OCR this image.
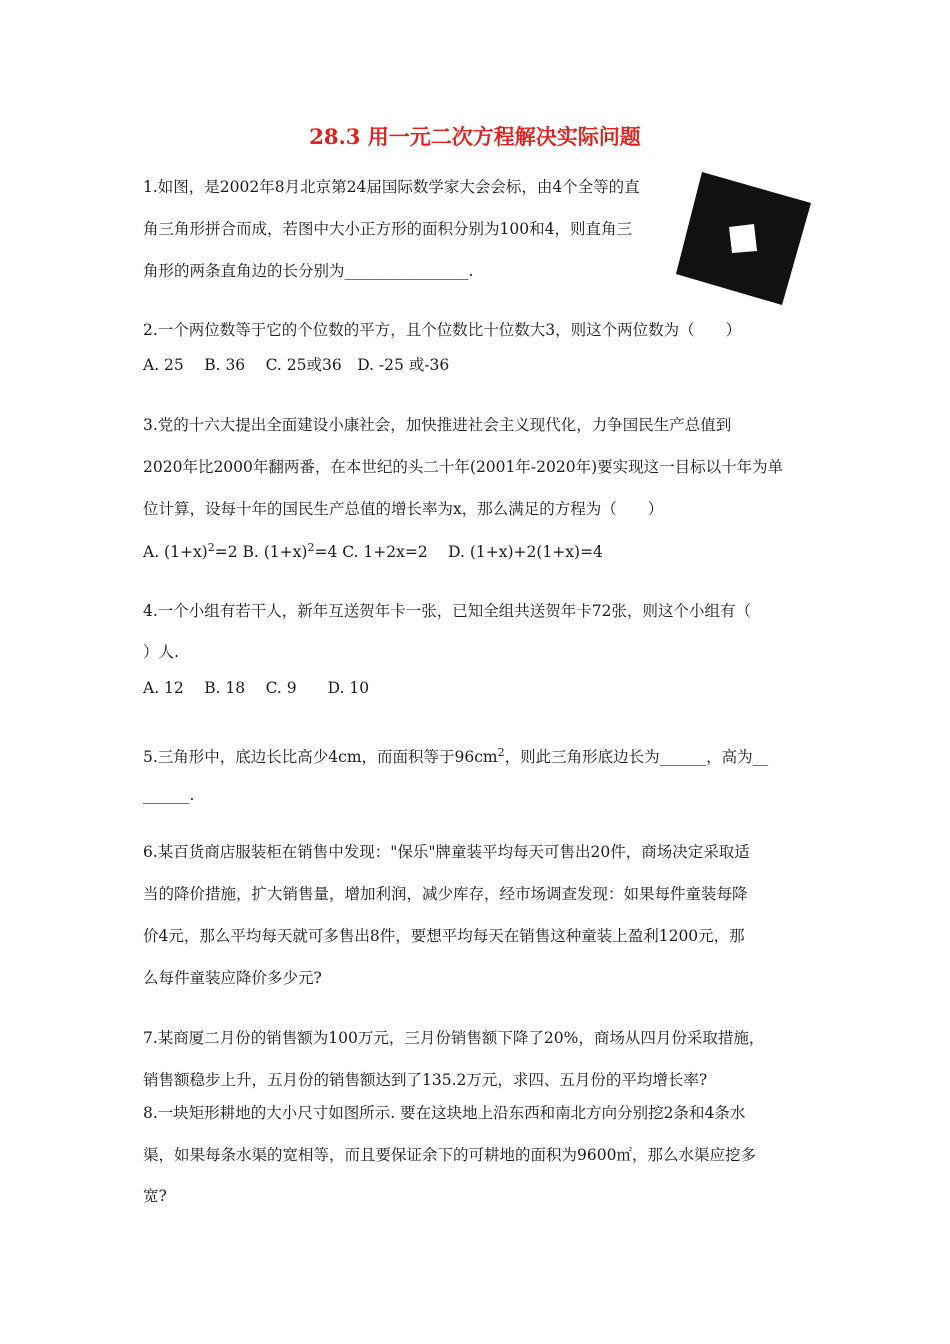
28.3 用一元二次方程解决实际问题
1.如图，是2002年8月北京第24届国际数学家大会会标，由4个全等的直
角三角形拼合而成，若图中大小正方形的面积分别为100和4，则直角三
角形的两条直角边的长分别为________________.
2.一个两位数等于它的个位数的平方，且个位数比十位数大3，则这个两位数为（　　）
A. 25　 B. 36　 C. 25或36　D. -25 或-36
3.党的十六大提出全面建设小康社会，加快推进社会主义现代化，力争国民生产总值到
2020年比2000年翻两番，在本世纪的头二十年(2001年-2020年)要实现这一目标以十年为单
位计算，设每十年的国民生产总值的增长率为x，那么满足的方程为（　　）
A. $(1+x)^2=2$ B. $(1+x)^2=4$ C. 1+2x=2　 D. (1+x)+2(1+x)=4
4.一个小组有若干人，新年互送贺年卡一张，已知全组共送贺年卡72张，则这个小组有（
）人.
A. 12　 B. 18　 C. 9　　D. 10
5.三角形中，底边长比高少4cm，而面积等于$96cm^2$，则此三角形底边长为______，高为__
______.
6.某百货商店服装柜在销售中发现："保乐"牌童装平均每天可售出20件，商场决定采取适
当的降价措施，扩大销售量，增加利润，减少库存，经市场调查发现：如果每件童装每降
价4元，那么平均每天就可多售出8件，要想平均每天在销售这种童装上盈利1200元，那
么每件童装应降价多少元?
7.某商厦二月份的销售额为100万元，三月份销售额下降了20%，商场从四月份采取措施，
销售额稳步上升，五月份的销售额达到了135.2万元，求四、五月份的平均增长率?
8.一块矩形耕地的大小尺寸如图所示. 要在这块地上沿东西和南北方向分别挖2条和4条水
渠，如果每条水渠的宽相等，而且要保证余下的可耕地的面积为9600㎡，那么水渠应挖多
宽?
